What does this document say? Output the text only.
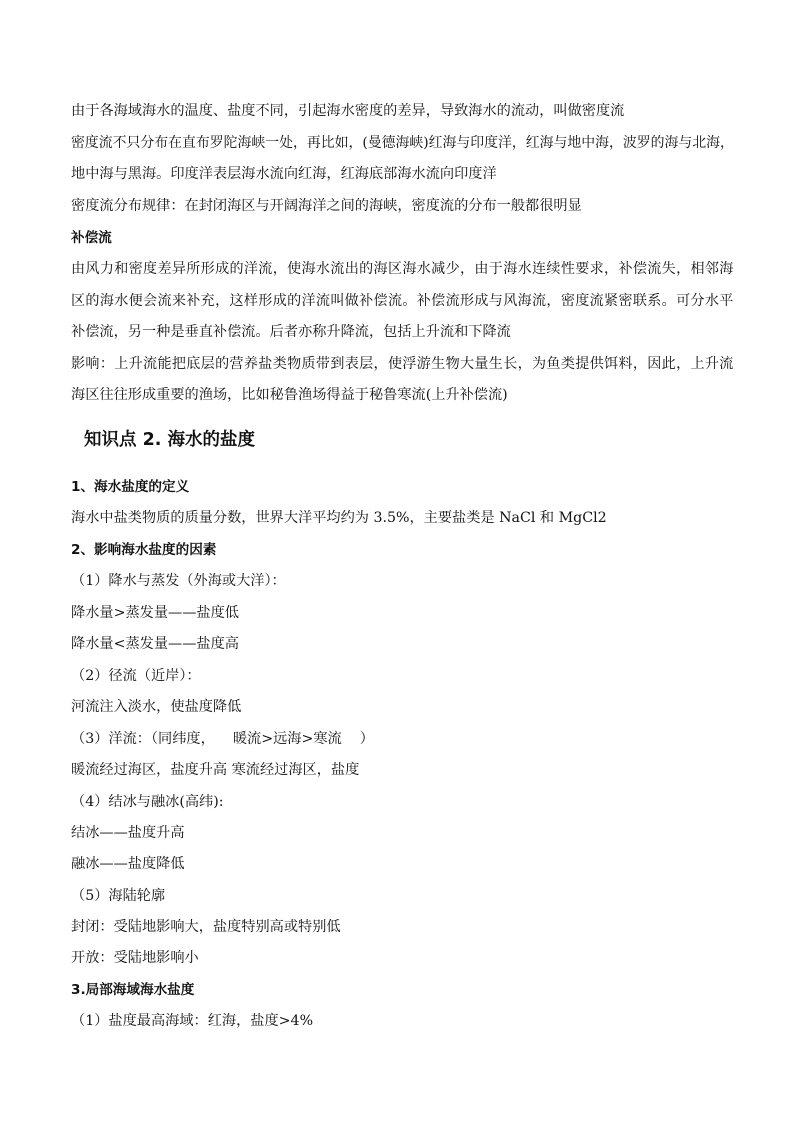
由于各海域海水的温度、盐度不同，引起海水密度的差异，导致海水的流动，叫做密度流
密度流不只分布在直布罗陀海峡一处，再比如，(曼德海峡)红海与印度洋，红海与地中海，波罗的海与北海，
地中海与黑海。印度洋表层海水流向红海，红海底部海水流向印度洋
密度流分布规律：在封闭海区与开阔海洋之间的海峡，密度流的分布一般都很明显
补偿流
由风力和密度差异所形成的洋流，使海水流出的海区海水减少，由于海水连续性要求，补偿流失，相邻海
区的海水便会流来补充，这样形成的洋流叫做补偿流。补偿流形成与风海流，密度流紧密联系。可分水平
补偿流，另一种是垂直补偿流。后者亦称升降流，包括上升流和下降流
影响：上升流能把底层的营养盐类物质带到表层，使浮游生物大量生长，为鱼类提供饵料，因此，上升流
海区往往形成重要的渔场，比如秘鲁渔场得益于秘鲁寒流(上升补偿流)
知识点 2. 海水的盐度
1、海水盐度的定义
海水中盐类物质的质量分数，世界大洋平均约为 3.5%，主要盐类是 NaCl 和 MgCl2
2、影响海水盐度的因素
（1）降水与蒸发（外海或大洋）：
降水量>蒸发量——盐度低
降水量<蒸发量——盐度高
（2）径流（近岸）：
河流注入淡水，使盐度降低
（3）洋流：（同纬度，    暖流>远海>寒流    ）
暖流经过海区，盐度升高 寒流经过海区，盐度
（4）结冰与融冰(高纬):
结冰——盐度升高
融冰——盐度降低
（5）海陆轮廓
封闭：受陆地影响大，盐度特别高或特别低
开放：受陆地影响小
3.局部海域海水盐度
（1）盐度最高海域：红海，盐度>4%
